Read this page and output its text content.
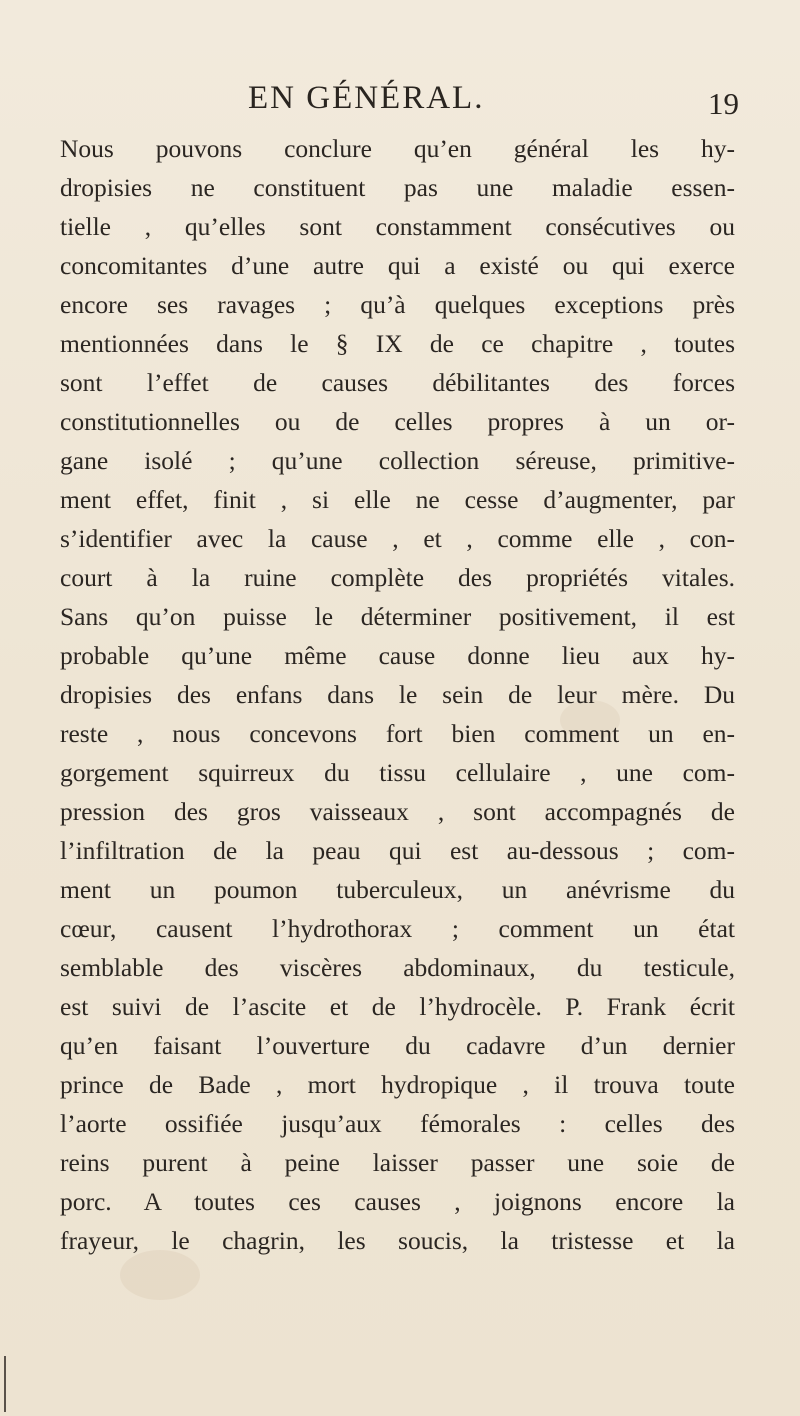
EN GÉNÉRAL.	19
Nous pouvons conclure qu’en général les hy-
dropisies ne constituent pas une maladie essen-
tielle , qu’elles sont constamment consécutives ou
concomitantes d’une autre qui a existé ou qui exerce
encore ses ravages ; qu’à quelques exceptions près
mentionnées dans le § IX de ce chapitre , toutes
sont l’effet de causes débilitantes des forces
constitutionnelles ou de celles propres à un or-
gane isolé ; qu’une collection séreuse, primitive-
ment effet, finit , si elle ne cesse d’augmenter, par
s’identifier avec la cause , et , comme elle , con-
court à la ruine complète des propriétés vitales.
Sans qu’on puisse le déterminer positivement, il est
probable qu’une même cause donne lieu aux hy-
dropisies des enfans dans le sein de leur mère. Du
reste , nous concevons fort bien comment un en-
gorgement squirreux du tissu cellulaire , une com-
pression des gros vaisseaux , sont accompagnés de
l’infiltration de la peau qui est au-dessous ; com-
ment un poumon tuberculeux, un anévrisme du
cœur, causent l’hydrothorax ; comment un état
semblable des viscères abdominaux, du testicule,
est suivi de l’ascite et de l’hydrocèle. P. Frank écrit
qu’en faisant l’ouverture du cadavre d’un dernier
prince de Bade , mort hydropique , il trouva toute
l’aorte ossifiée jusqu’aux fémorales : celles des
reins purent à peine laisser passer une soie de
porc. A toutes ces causes , joignons encore la
frayeur, le chagrin, les soucis, la tristesse et la
